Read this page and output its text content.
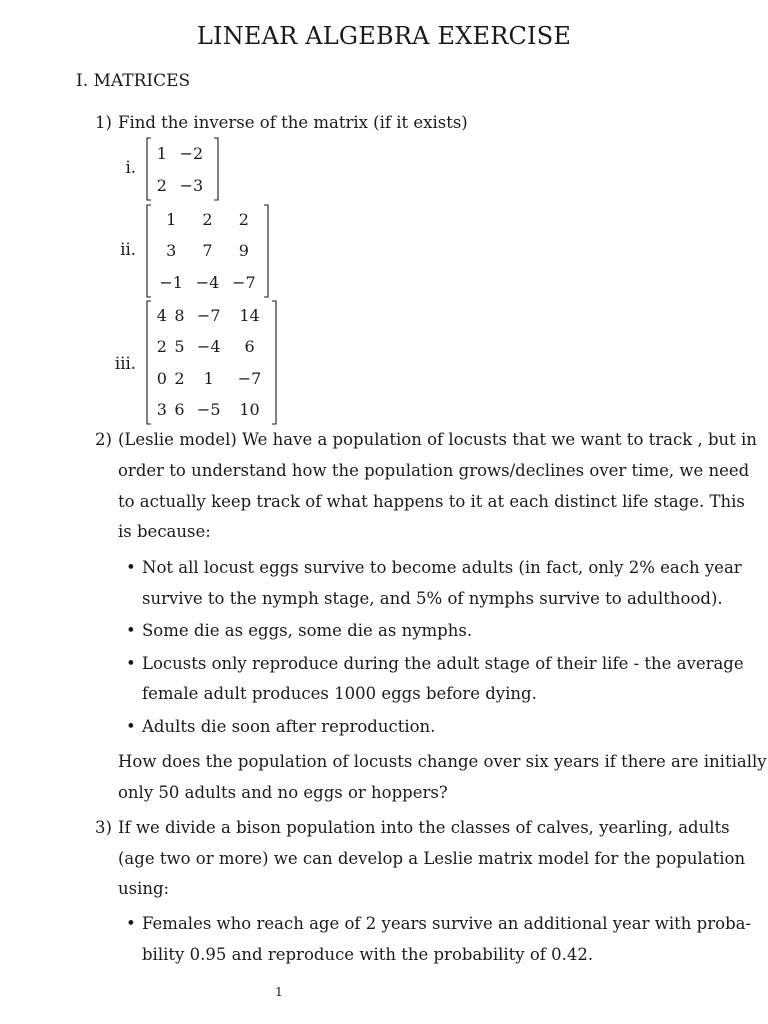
LINEAR ALGEBRA EXERCISE
I. MATRICES
1) Find the inverse of the matrix (if it exists)
i.
1	−2
2	−3
ii.
1	2	2
3	7	9
−1	−4	−7
iii.
4	8	−7	14
2	5	−4	6
0	2	1	−7
3	6	−5	10
2) (Leslie model) We have a population of locusts that we want to track , but in
order to understand how the population grows/declines over time, we need
to actually keep track of what happens to it at each distinct life stage. This
is because:
• Not all locust eggs survive to become adults (in fact, only 2% each year
survive to the nymph stage, and 5% of nymphs survive to adulthood).
• Some die as eggs, some die as nymphs.
• Locusts only reproduce during the adult stage of their life - the average
female adult produces 1000 eggs before dying.
• Adults die soon after reproduction.
How does the population of locusts change over six years if there are initially
only 50 adults and no eggs or hoppers?
3) If we divide a bison population into the classes of calves, yearling, adults
(age two or more) we can develop a Leslie matrix model for the population
using:
• Females who reach age of 2 years survive an additional year with proba-
bility 0.95 and reproduce with the probability of 0.42.
1
